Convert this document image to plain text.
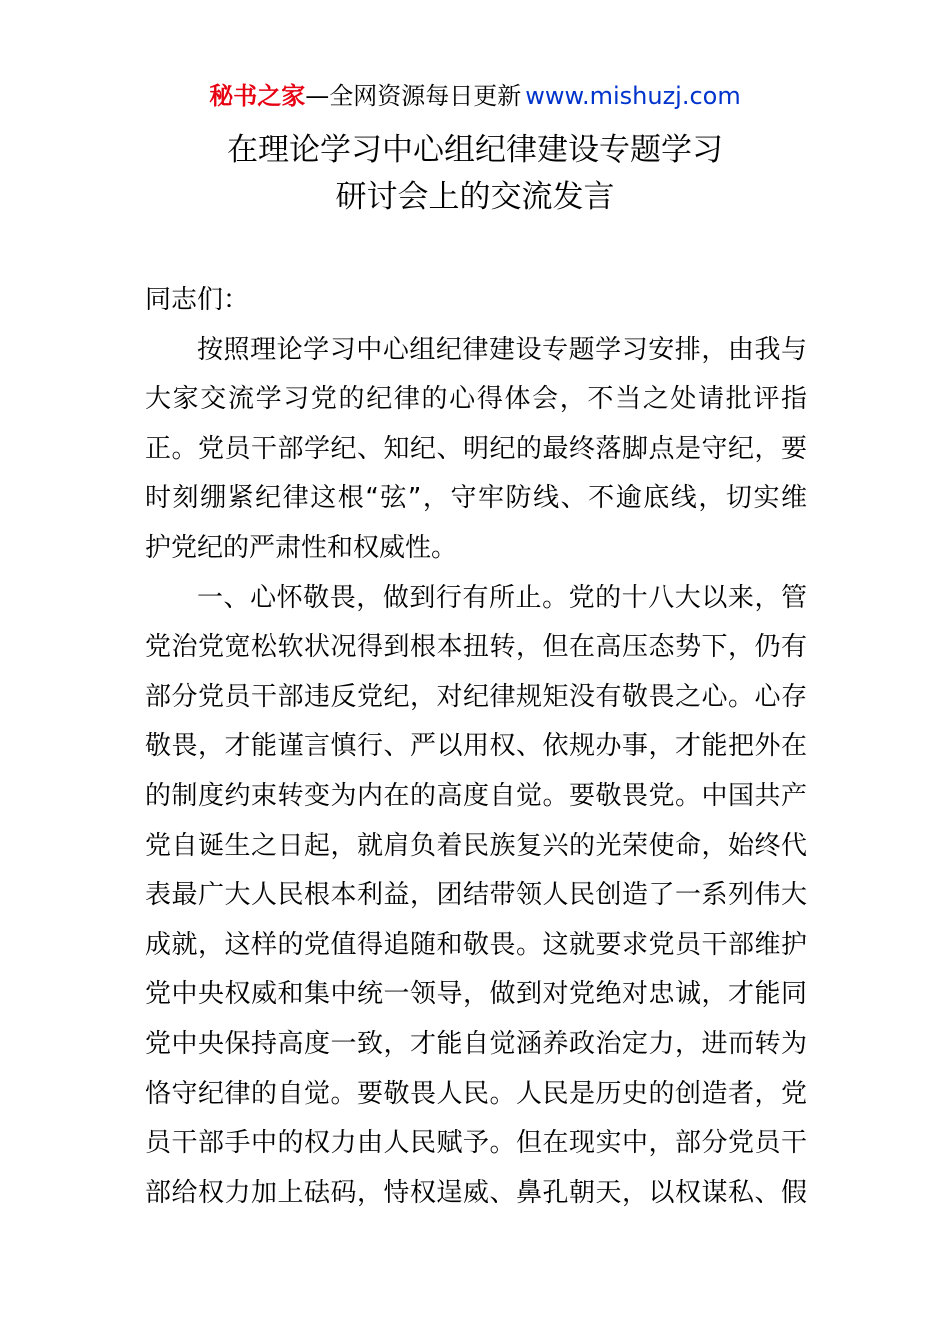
秘书之家—全网资源每日更新 www.mishuzj.com
在理论学习中心组纪律建设专题学习
研讨会上的交流发言
同志们：
按照理论学习中心组纪律建设专题学习安排，由我与
大家交流学习党的纪律的心得体会，不当之处请批评指
正。党员干部学纪、知纪、明纪的最终落脚点是守纪，要
时刻绷紧纪律这根“弦”，守牢防线、不逾底线，切实维
护党纪的严肃性和权威性。
一、心怀敬畏，做到行有所止。党的十八大以来，管
党治党宽松软状况得到根本扭转，但在高压态势下，仍有
部分党员干部违反党纪，对纪律规矩没有敬畏之心。心存
敬畏，才能谨言慎行、严以用权、依规办事，才能把外在
的制度约束转变为内在的高度自觉。要敬畏党。中国共产
党自诞生之日起，就肩负着民族复兴的光荣使命，始终代
表最广大人民根本利益，团结带领人民创造了一系列伟大
成就，这样的党值得追随和敬畏。这就要求党员干部维护
党中央权威和集中统一领导，做到对党绝对忠诚，才能同
党中央保持高度一致，才能自觉涵养政治定力，进而转为
恪守纪律的自觉。要敬畏人民。人民是历史的创造者，党
员干部手中的权力由人民赋予。但在现实中，部分党员干
部给权力加上砝码，恃权逞威、鼻孔朝天，以权谋私、假
